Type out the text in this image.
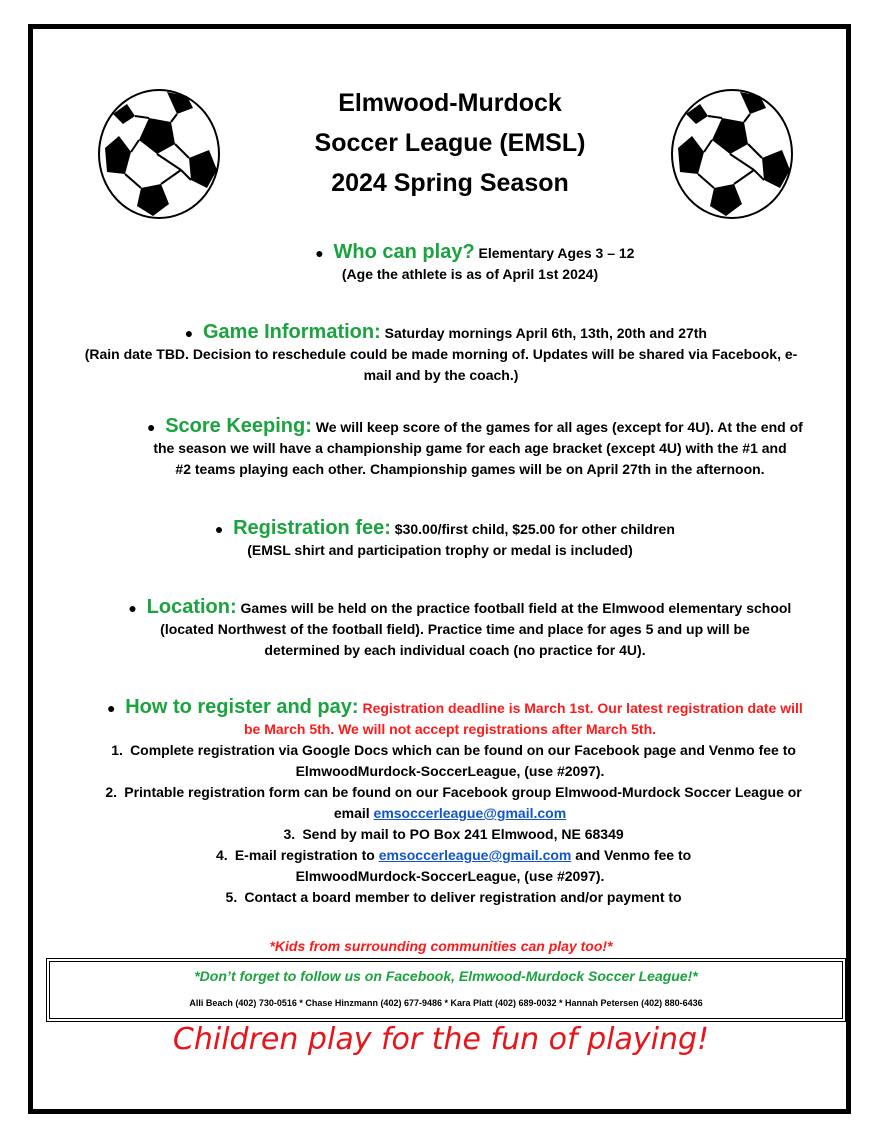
Elmwood-Murdock
Soccer League (EMSL)
2024 Spring Season
● Who can play? Elementary Ages 3 – 12
(Age the athlete is as of April 1st 2024)
● Game Information: Saturday mornings April 6th, 13th, 20th and 27th
(Rain date TBD. Decision to reschedule could be made morning of. Updates will be shared via Facebook, e-
mail and by the coach.)
● Score Keeping: We will keep score of the games for all ages (except for 4U). At the end of
the season we will have a championship game for each age bracket (except 4U) with the #1 and
#2 teams playing each other. Championship games will be on April 27th in the afternoon.
● Registration fee: $30.00/first child, $25.00 for other children
(EMSL shirt and participation trophy or medal is included)
● Location: Games will be held on the practice football field at the Elmwood elementary school
(located Northwest of the football field). Practice time and place for ages 5 and up will be
determined by each individual coach (no practice for 4U).
● How to register and pay: Registration deadline is March 1st. Our latest registration date will
be March 5th. We will not accept registrations after March 5th.
1. Complete registration via Google Docs which can be found on our Facebook page and Venmo fee to
ElmwoodMurdock-SoccerLeague, (use #2097).
2. Printable registration form can be found on our Facebook group Elmwood-Murdock Soccer League or
email emsoccerleague@gmail.com
3. Send by mail to PO Box 241 Elmwood, NE 68349
4. E-mail registration to emsoccerleague@gmail.com and Venmo fee to
ElmwoodMurdock-SoccerLeague, (use #2097).
5. Contact a board member to deliver registration and/or payment to
*Kids from surrounding communities can play too!*
*Don’t forget to follow us on Facebook, Elmwood-Murdock Soccer League!*
Alli Beach (402) 730-0516 * Chase Hinzmann (402) 677-9486 * Kara Platt (402) 689-0032 * Hannah Petersen (402) 880-6436
Children play for the fun of playing!
